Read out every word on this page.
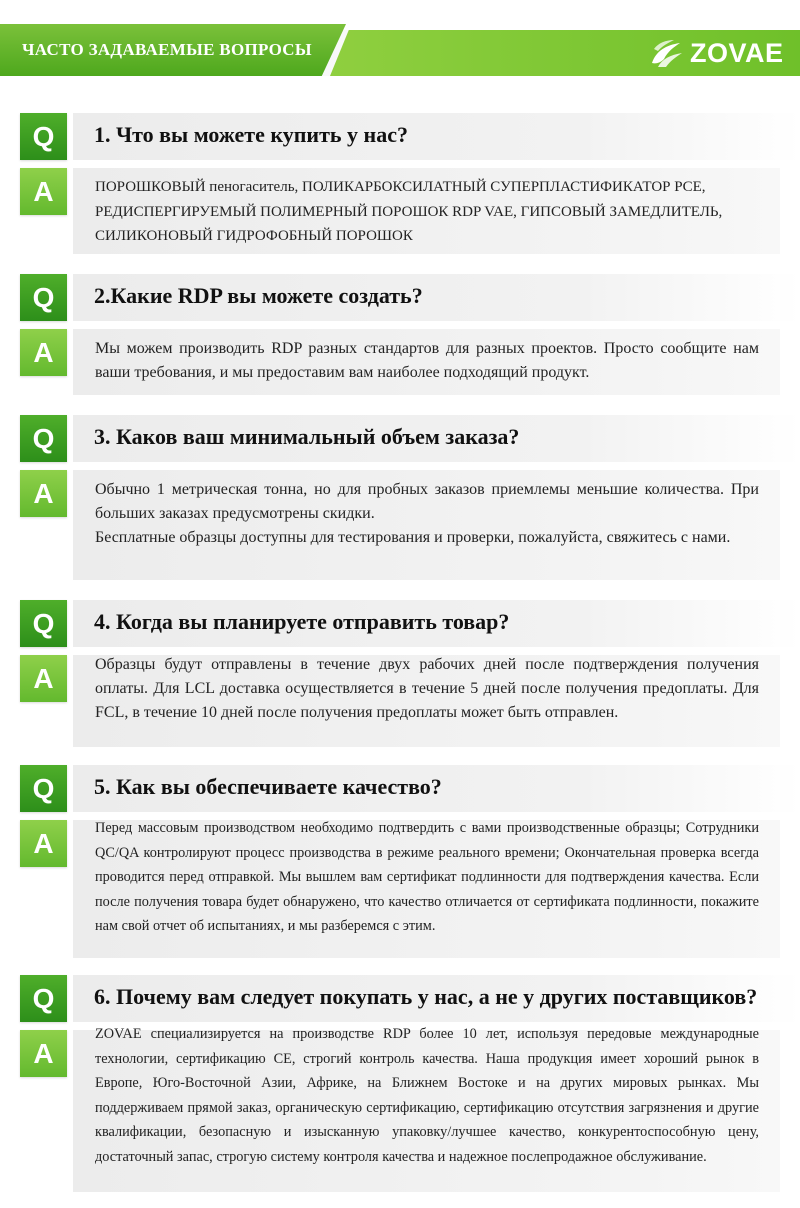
ЧАСТО ЗАДАВАЕМЫЕ ВОПРОСЫ	ZOVAE
Q	1. Что вы можете купить у нас?
A	ПОРОШКОВЫЙ пеногаситель, ПОЛИКАРБОКСИЛАТНЫЙ СУПЕРПЛАСТИФИКАТОР PCE, РЕДИСПЕРГИРУЕМЫЙ ПОЛИМЕРНЫЙ ПОРОШОК RDP VAE, ГИПСОВЫЙ ЗАМЕДЛИТЕЛЬ, СИЛИКОНОВЫЙ ГИДРОФОБНЫЙ ПОРОШОК

Q	2.Какие RDP вы можете создать?
A	Мы можем производить RDP разных стандартов для разных проектов. Просто сообщите нам ваши требования, и мы предоставим вам наиболее подходящий продукт.

Q	3. Каков ваш минимальный объем заказа?
A	Обычно 1 метрическая тонна, но для пробных заказов приемлемы меньшие количества. При больших заказах предусмотрены скидки.

Бесплатные образцы доступны для тестирования и проверки, пожалуйста, свяжитесь с нами.

Q	4. Когда вы планируете отправить товар?
A	Образцы будут отправлены в течение двух рабочих дней после подтверждения получения оплаты. Для LCL доставка осуществляется в течение 5 дней после получения предоплаты. Для FCL, в течение 10 дней после получения предоплаты может быть отправлен.

Q	5. Как вы обеспечиваете качество?
A	Перед массовым производством необходимо подтвердить с вами производственные образцы; Сотрудники QC/QA контролируют процесс производства в режиме реального времени; Окончательная проверка всегда проводится перед отправкой. Мы вышлем вам сертификат подлинности для подтверждения качества. Если после получения товара будет обнаружено, что качество отличается от сертификата подлинности, покажите нам свой отчет об испытаниях, и мы разберемся с этим.

Q	6. Почему вам следует покупать у нас, а не у других поставщиков?
A

ZOVAE специализируется на производстве RDP более 10 лет, используя передовые международные технологии, сертификацию CE, строгий контроль качества. Наша продукция имеет хороший рынок в Европе, Юго-Восточной Азии, Африке, на Ближнем Востоке и на других мировых рынках. Мы поддерживаем прямой заказ, органическую сертификацию, сертификацию отсутствия загрязнения и другие квалификации, безопасную и изысканную упаковку/лучшее качество, конкурентоспособную цену, достаточный запас, строгую систему контроля качества и надежное послепродажное обслуживание.
